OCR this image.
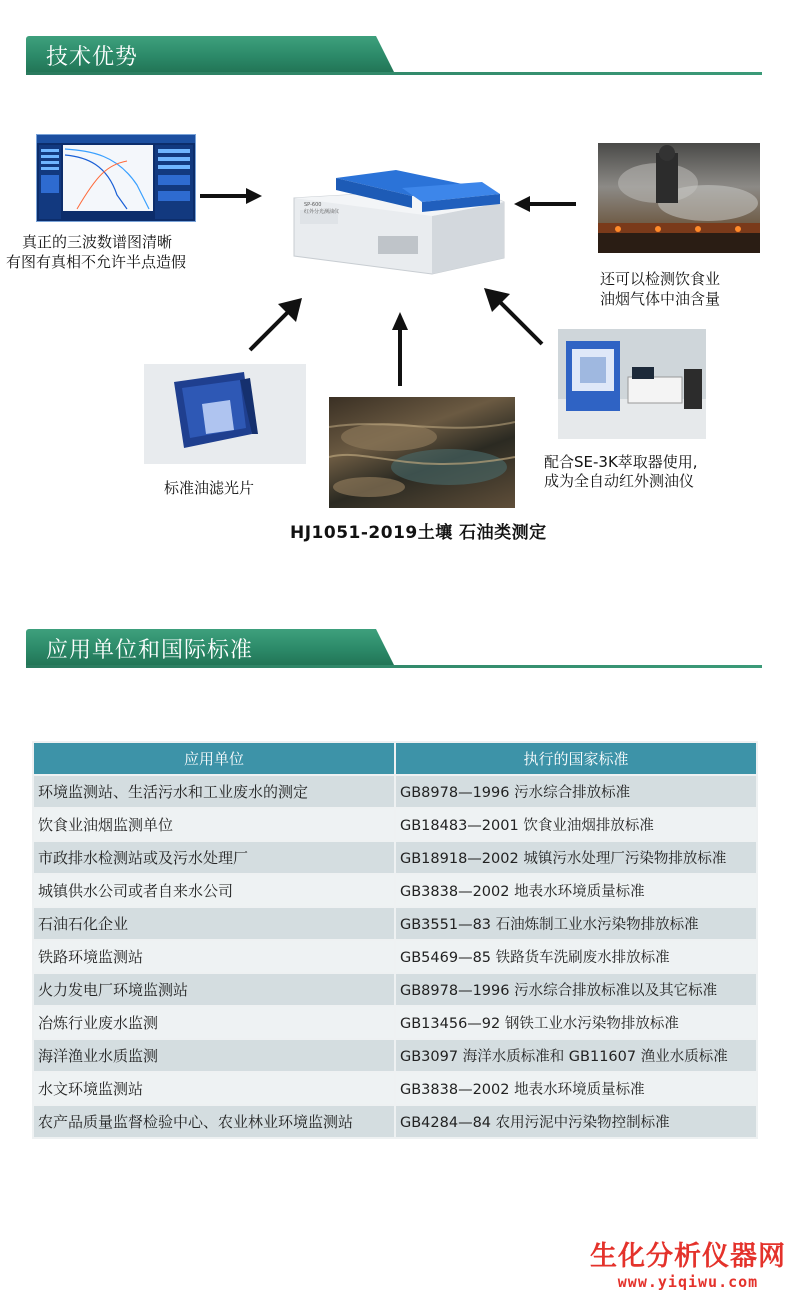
技术优势
真正的三波数谱图清晰
有图有真相不允许半点造假
SP-600
红外分光测油仪
还可以检测饮食业
油烟气体中油含量
标准油滤光片
配合SE-3K萃取器使用,
成为全自动红外测油仪
HJ1051-2019土壤 石油类测定
应用单位和国际标准
应用单位	执行的国家标准
环境监测站、生活污水和工业废水的测定	GB8978—1996 污水综合排放标准
饮食业油烟监测单位	GB18483—2001 饮食业油烟排放标准
市政排水检测站或及污水处理厂	GB18918—2002 城镇污水处理厂污染物排放标准
城镇供水公司或者自来水公司	GB3838—2002 地表水环境质量标准
石油石化企业	GB3551—83 石油炼制工业水污染物排放标准
铁路环境监测站	GB5469—85 铁路货车洗刷废水排放标准
火力发电厂环境监测站	GB8978—1996 污水综合排放标准以及其它标准
冶炼行业废水监测	GB13456—92 钢铁工业水污染物排放标准
海洋渔业水质监测	GB3097 海洋水质标准和 GB11607 渔业水质标准
水文环境监测站	GB3838—2002 地表水环境质量标准
农产品质量监督检验中心、农业林业环境监测站	GB4284—84 农用污泥中污染物控制标准
生化分析仪器网
www.yiqiwu.com
